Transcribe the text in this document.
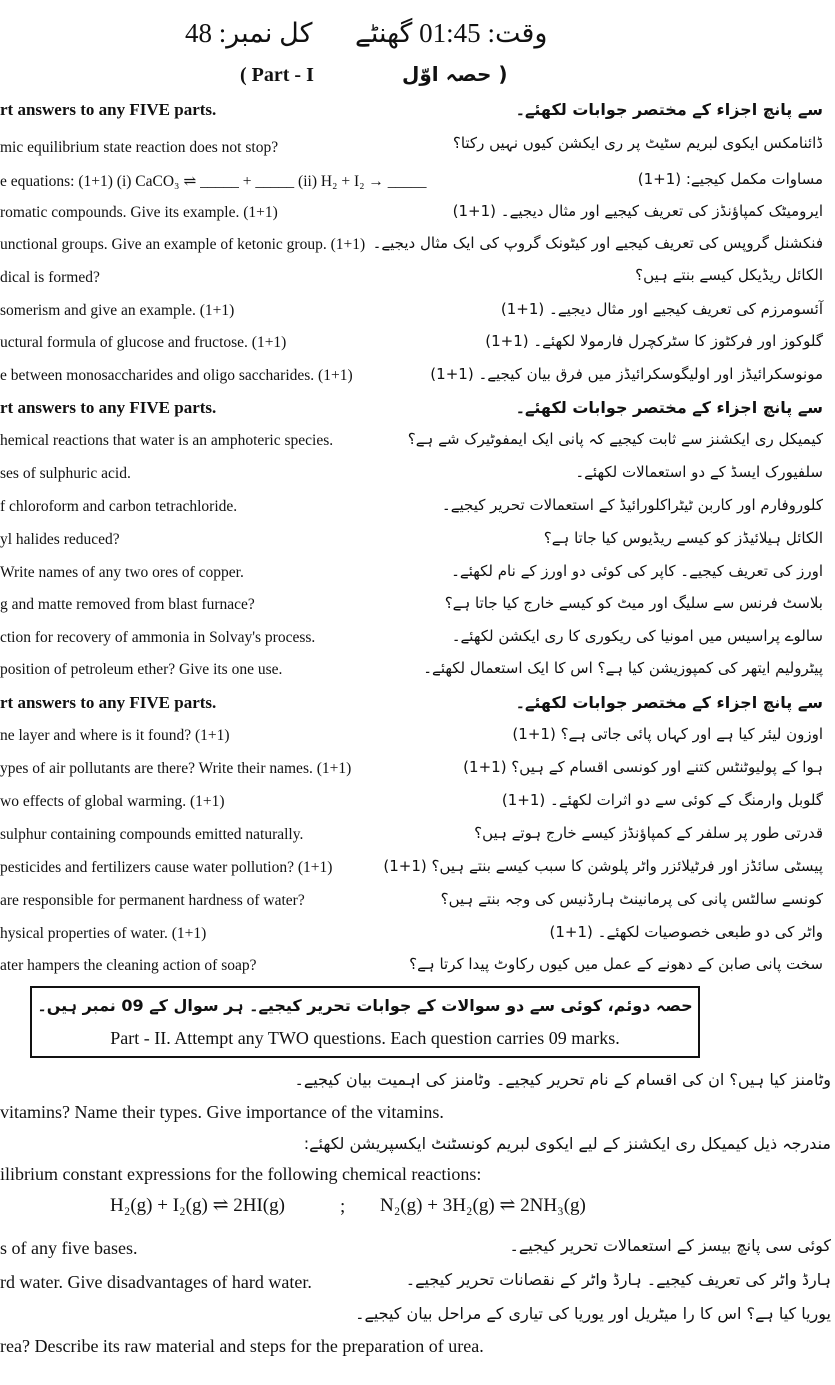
کل نمبر: 48 وقت: 01:45 گھنٹے
( Part - I	حصہ اوّل )
rt answers to any FIVE parts.	سے پانچ اجزاء کے مختصر جوابات لکھئے۔
mic equilibrium state reaction does not stop?	ڈائنامکس ایکوی لبریم سٹیٹ پر ری ایکشن کیوں نہیں رکتا؟
e equations: (1+1) (i) CaCO₃ ⇌ _____ + _____ (ii) H₂ + I₂ → _____	مساوات مکمل کیجیے: (1+1)
romatic compounds. Give its example. (1+1)	ایروميٹک کمپاؤنڈز کی تعریف کیجیے اور مثال دیجیے۔ (1+1)
unctional groups. Give an example of ketonic group. (1+1) فنکشنل گروپس کی تعریف کیجیے اور کیٹونک گروپ کی ایک مثال دیجیے۔
dical is formed?	الکائل ریڈیکل کیسے بنتے ہیں؟
somerism and give an example. (1+1)	آئسومرزم کی تعریف کیجیے اور مثال دیجیے۔ (1+1)
uctural formula of glucose and fructose. (1+1)	گلوکوز اور فرکٹوز کا سٹرکچرل فارمولا لکھئے۔ (1+1)
e between monosaccharides and oligo saccharides. (1+1)	مونوسکرائیڈز اور اولیگوسکرائیڈز میں فرق بیان کیجیے۔ (1+1)
rt answers to any FIVE parts.	سے پانچ اجزاء کے مختصر جوابات لکھئے۔
hemical reactions that water is an amphoteric species.	کیمیکل ری ایکشنز سے ثابت کیجیے کہ پانی ایک ایمفوٹیرک شے ہے؟
ses of sulphuric acid.	سلفیورک ایسڈ کے دو استعمالات لکھئے۔
f chloroform and carbon tetrachloride.	کلوروفارم اور کاربن ٹیٹراکلورائیڈ کے استعمالات تحریر کیجیے۔
yl halides reduced?	الکائل ہیلائیڈز کو کیسے ریڈیوس کیا جاتا ہے؟
Write names of any two ores of copper.	اورز کی تعریف کیجیے۔ کاپر کی کوئی دو اورز کے نام لکھئے۔
g and matte removed from blast furnace?	بلاسٹ فرنس سے سلیگ اور میٹ کو کیسے خارج کیا جاتا ہے؟
ction for recovery of ammonia in Solvay's process.	سالوے پراسیس میں امونیا کی ریکوری کا ری ایکشن لکھئے۔
position of petroleum ether? Give its one use.	پیٹرولیم ایتھر کی کمپوزیشن کیا ہے؟ اس کا ایک استعمال لکھئے۔
rt answers to any FIVE parts.	سے پانچ اجزاء کے مختصر جوابات لکھئے۔
ne layer and where is it found? (1+1)	اوزون لیئر کیا ہے اور کہاں پائی جاتی ہے؟ (1+1)
ypes of air pollutants are there? Write their names. (1+1)	ہوا کے پولیوٹنٹس کتنے اور کونسی اقسام کے ہیں؟ (1+1)
wo effects of global warming. (1+1)	گلوبل وارمنگ کے کوئی سے دو اثرات لکھئے۔ (1+1)
sulphur containing compounds emitted naturally.	قدرتی طور پر سلفر کے کمپاؤنڈز کیسے خارج ہوتے ہیں؟
pesticides and fertilizers cause water pollution? (1+1)	پیسٹی سائڈز اور فرٹیلائزر واٹر پلوشن کا سبب کیسے بنتے ہیں؟ (1+1)
are responsible for permanent hardness of water?	کونسے سالٹس پانی کی پرمانینٹ ہارڈنیس کی وجہ بنتے ہیں؟
hysical properties of water. (1+1)	واٹر کی دو طبعی خصوصیات لکھئے۔ (1+1)
ater hampers the cleaning action of soap?	سخت پانی صابن کے دھونے کے عمل میں کیوں رکاوٹ پیدا کرتا ہے؟
حصہ دوئم، کوئی سے دو سوالات کے جوابات تحریر کیجیے۔ ہر سوال کے 09 نمبر ہیں۔
Part - II. Attempt any TWO questions. Each question carries 09 marks.
وٹامنز کیا ہیں؟ ان کی اقسام کے نام تحریر کیجیے۔ وٹامنز کی اہمیت بیان کیجیے۔
vitamins? Name their types. Give importance of the vitamins.
مندرجہ ذیل کیمیکل ری ایکشنز کے لیے ایکوی لبریم کونسٹنٹ ایکسپریشن لکھئے:
ilibrium constant expressions for the following chemical reactions:
H₂(g) + I₂(g) ⇌ 2HI(g)	; N₂(g) + 3H₂(g) ⇌ 2NH₃(g)
کوئی سی پانچ بیسز کے استعمالات تحریر کیجیے۔
s of any five bases.
ہارڈ واٹر کی تعریف کیجیے۔ ہارڈ واٹر کے نقصانات تحریر کیجیے۔
rd water. Give disadvantages of hard water.
یوریا کیا ہے؟ اس کا را میٹریل اور یوریا کی تیاری کے مراحل بیان کیجیے۔
rea? Describe its raw material and steps for the preparation of urea.
